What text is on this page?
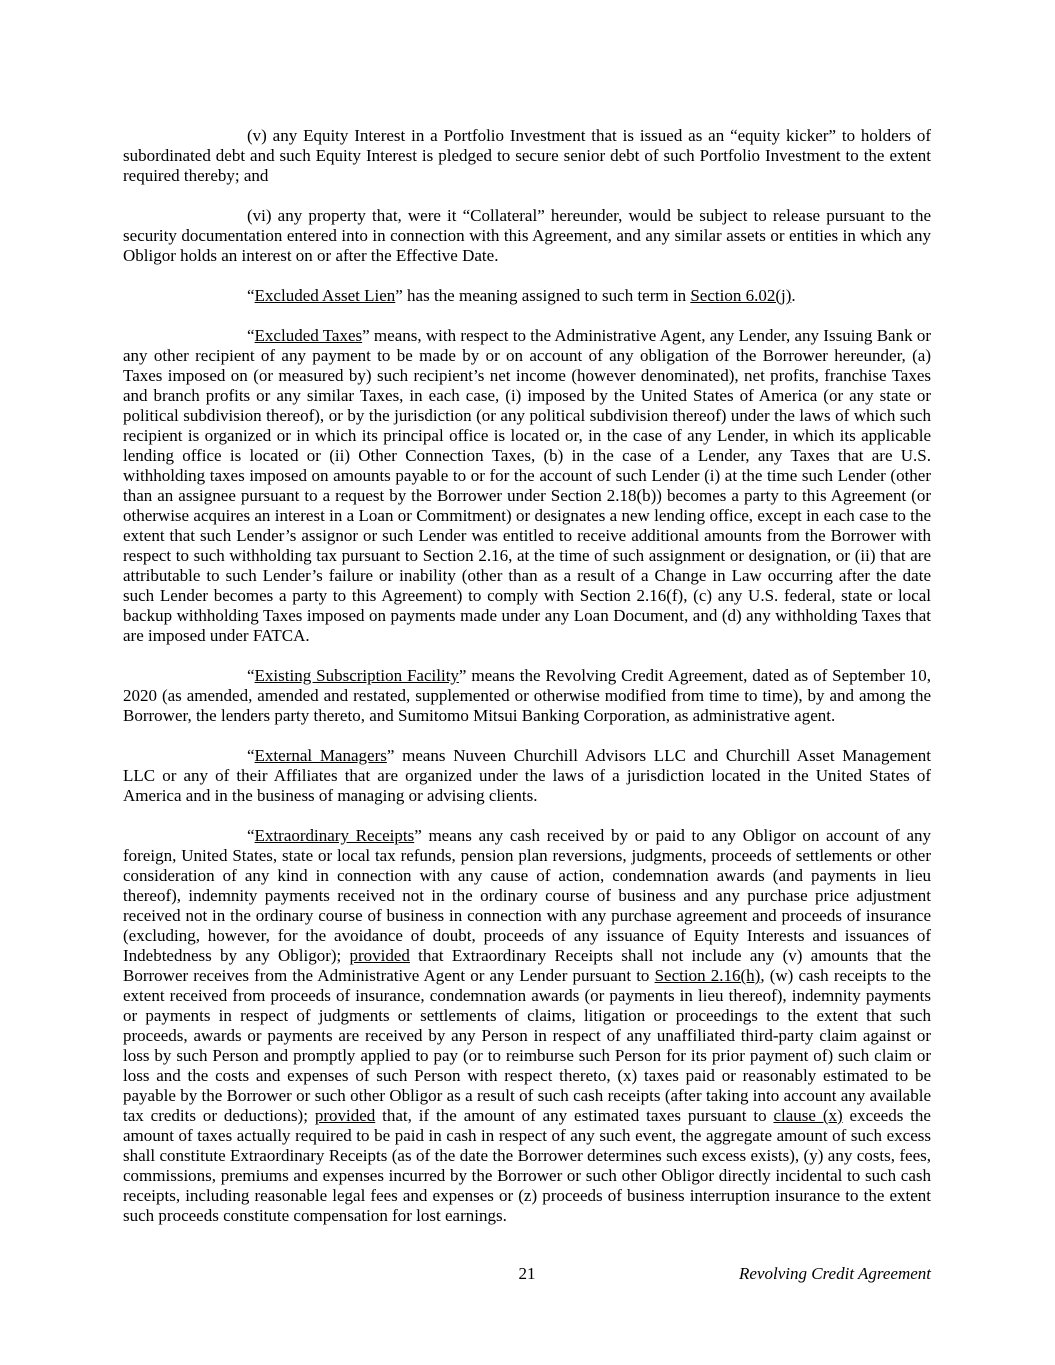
(v) any Equity Interest in a Portfolio Investment that is issued as an “equity kicker” to holders of subordinated debt and such Equity Interest is pledged to secure senior debt of such Portfolio Investment to the extent required thereby; and

(vi) any property that, were it “Collateral” hereunder, would be subject to release pursuant to the security documentation entered into in connection with this Agreement, and any similar assets or entities in which any Obligor holds an interest on or after the Effective Date.

“Excluded Asset Lien” has the meaning assigned to such term in Section 6.02(j).

“Excluded Taxes” means, with respect to the Administrative Agent, any Lender, any Issuing Bank or any other recipient of any payment to be made by or on account of any obligation of the Borrower hereunder, (a) Taxes imposed on (or measured by) such recipient’s net income (however denominated), net profits, franchise Taxes and branch profits or any similar Taxes, in each case, (i) imposed by the United States of America (or any state or political subdivision thereof), or by the jurisdiction (or any political subdivision thereof) under the laws of which such recipient is organized or in which its principal office is located or, in the case of any Lender, in which its applicable lending office is located or (ii) Other Connection Taxes, (b) in the case of a Lender, any Taxes that are U.S. withholding taxes imposed on amounts payable to or for the account of such Lender (i) at the time such Lender (other than an assignee pursuant to a request by the Borrower under Section 2.18(b)) becomes a party to this Agreement (or otherwise acquires an interest in a Loan or Commitment) or designates a new lending office, except in each case to the extent that such Lender’s assignor or such Lender was entitled to receive additional amounts from the Borrower with respect to such withholding tax pursuant to Section 2.16, at the time of such assignment or designation, or (ii) that are attributable to such Lender’s failure or inability (other than as a result of a Change in Law occurring after the date such Lender becomes a party to this Agreement) to comply with Section 2.16(f), (c) any U.S. federal, state or local backup withholding Taxes imposed on payments made under any Loan Document, and (d) any withholding Taxes that are imposed under FATCA.

“Existing Subscription Facility” means the Revolving Credit Agreement, dated as of September 10, 2020 (as amended, amended and restated, supplemented or otherwise modified from time to time), by and among the Borrower, the lenders party thereto, and Sumitomo Mitsui Banking Corporation, as administrative agent.

“External Managers” means Nuveen Churchill Advisors LLC and Churchill Asset Management LLC or any of their Affiliates that are organized under the laws of a jurisdiction located in the United States of America and in the business of managing or advising clients.

“Extraordinary Receipts” means any cash received by or paid to any Obligor on account of any foreign, United States, state or local tax refunds, pension plan reversions, judgments, proceeds of settlements or other consideration of any kind in connection with any cause of action, condemnation awards (and payments in lieu thereof), indemnity payments received not in the ordinary course of business and any purchase price adjustment received not in the ordinary course of business in connection with any purchase agreement and proceeds of insurance (excluding, however, for the avoidance of doubt, proceeds of any issuance of Equity Interests and issuances of Indebtedness by any Obligor); provided that Extraordinary Receipts shall not include any (v) amounts that the Borrower receives from the Administrative Agent or any Lender pursuant to Section 2.16(h), (w) cash receipts to the extent received from proceeds of insurance, condemnation awards (or payments in lieu thereof), indemnity payments or payments in respect of judgments or settlements of claims, litigation or proceedings to the extent that such proceeds, awards or payments are received by any Person in respect of any unaffiliated third-party claim against or loss by such Person and promptly applied to pay (or to reimburse such Person for its prior payment of) such claim or loss and the costs and expenses of such Person with respect thereto, (x) taxes paid or reasonably estimated to be payable by the Borrower or such other Obligor as a result of such cash receipts (after taking into account any available tax credits or deductions); provided that, if the amount of any estimated taxes pursuant to clause (x) exceeds the amount of taxes actually required to be paid in cash in respect of any such event, the aggregate amount of such excess shall constitute Extraordinary Receipts (as of the date the Borrower determines such excess exists), (y) any costs, fees, commissions, premiums and expenses incurred by the Borrower or such other Obligor directly incidental to such cash receipts, including reasonable legal fees and expenses or (z) proceeds of business interruption insurance to the extent such proceeds constitute compensation for lost earnings.

21	Revolving Credit Agreement
